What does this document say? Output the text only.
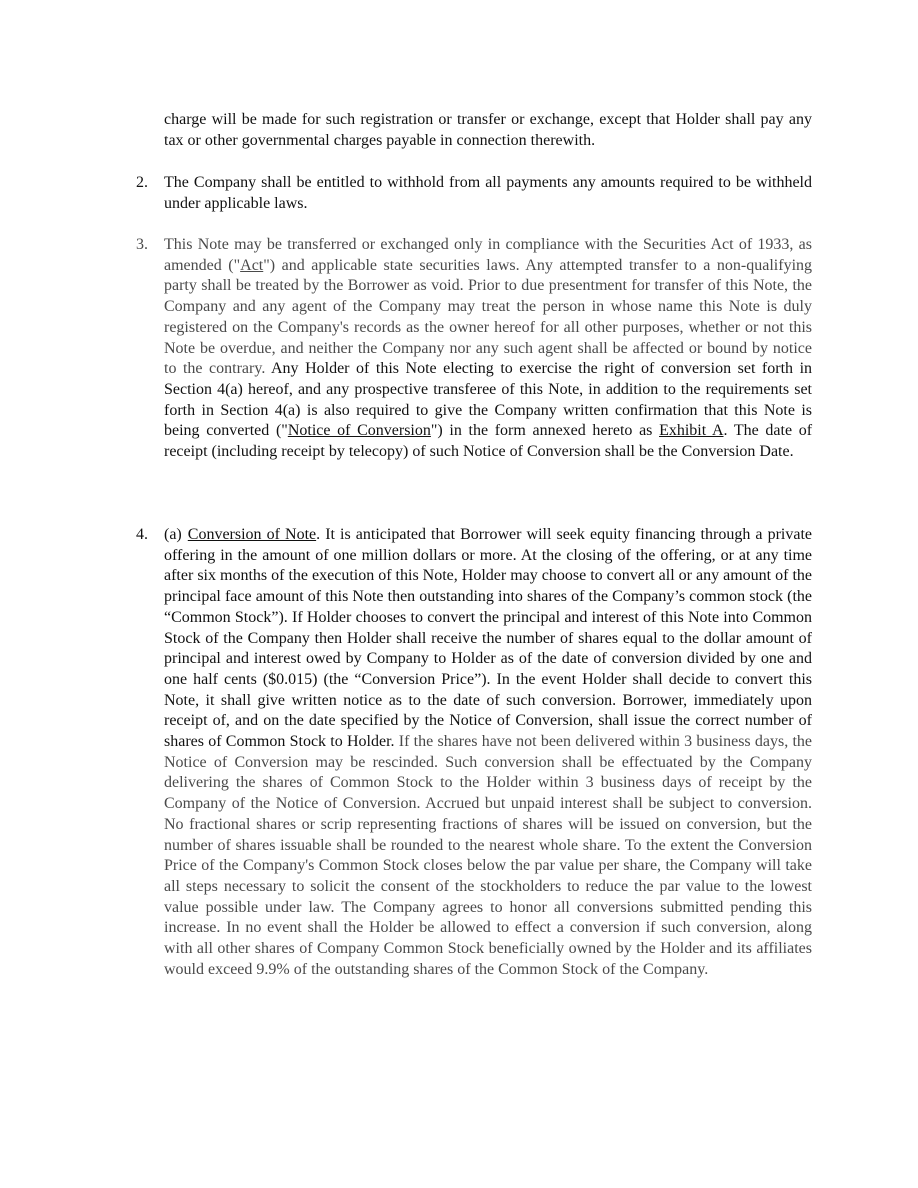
charge will be made for such registration or transfer or exchange, except that Holder shall pay any tax or other governmental charges payable in connection therewith.
2.	The Company shall be entitled to withhold from all payments any amounts required to be withheld under applicable laws.
3.	This Note may be transferred or exchanged only in compliance with the Securities Act of 1933, as amended ("Act") and applicable state securities laws. Any attempted transfer to a non-qualifying party shall be treated by the Borrower as void. Prior to due presentment for transfer of this Note, the Company and any agent of the Company may treat the person in whose name this Note is duly registered on the Company's records as the owner hereof for all other purposes, whether or not this Note be overdue, and neither the Company nor any such agent shall be affected or bound by notice to the contrary. Any Holder of this Note electing to exercise the right of conversion set forth in Section 4(a) hereof, and any prospective transferee of this Note, in addition to the requirements set forth in Section 4(a) is also required to give the Company written confirmation that this Note is being converted ("Notice of Conversion") in the form annexed hereto as Exhibit A. The date of receipt (including receipt by telecopy) of such Notice of Conversion shall be the Conversion Date.
4.	(a) Conversion of Note. It is anticipated that Borrower will seek equity financing through a private offering in the amount of one million dollars or more. At the closing of the offering, or at any time after six months of the execution of this Note, Holder may choose to convert all or any amount of the principal face amount of this Note then outstanding into shares of the Company’s common stock (the “Common Stock”). If Holder chooses to convert the principal and interest of this Note into Common Stock of the Company then Holder shall receive the number of shares equal to the dollar amount of principal and interest owed by Company to Holder as of the date of conversion divided by one and one half cents ($0.015) (the “Conversion Price”). In the event Holder shall decide to convert this Note, it shall give written notice as to the date of such conversion. Borrower, immediately upon receipt of, and on the date specified by the Notice of Conversion, shall issue the correct number of shares of Common Stock to Holder. If the shares have not been delivered within 3 business days, the Notice of Conversion may be rescinded. Such conversion shall be effectuated by the Company delivering the shares of Common Stock to the Holder within 3 business days of receipt by the Company of the Notice of Conversion. Accrued but unpaid interest shall be subject to conversion. No fractional shares or scrip representing fractions of shares will be issued on conversion, but the number of shares issuable shall be rounded to the nearest whole share. To the extent the Conversion Price of the Company's Common Stock closes below the par value per share, the Company will take all steps necessary to solicit the consent of the stockholders to reduce the par value to the lowest value possible under law. The Company agrees to honor all conversions submitted pending this increase. In no event shall the Holder be allowed to effect a conversion if such conversion, along with all other shares of Company Common Stock beneficially owned by the Holder and its affiliates would exceed 9.9% of the outstanding shares of the Common Stock of the Company.
